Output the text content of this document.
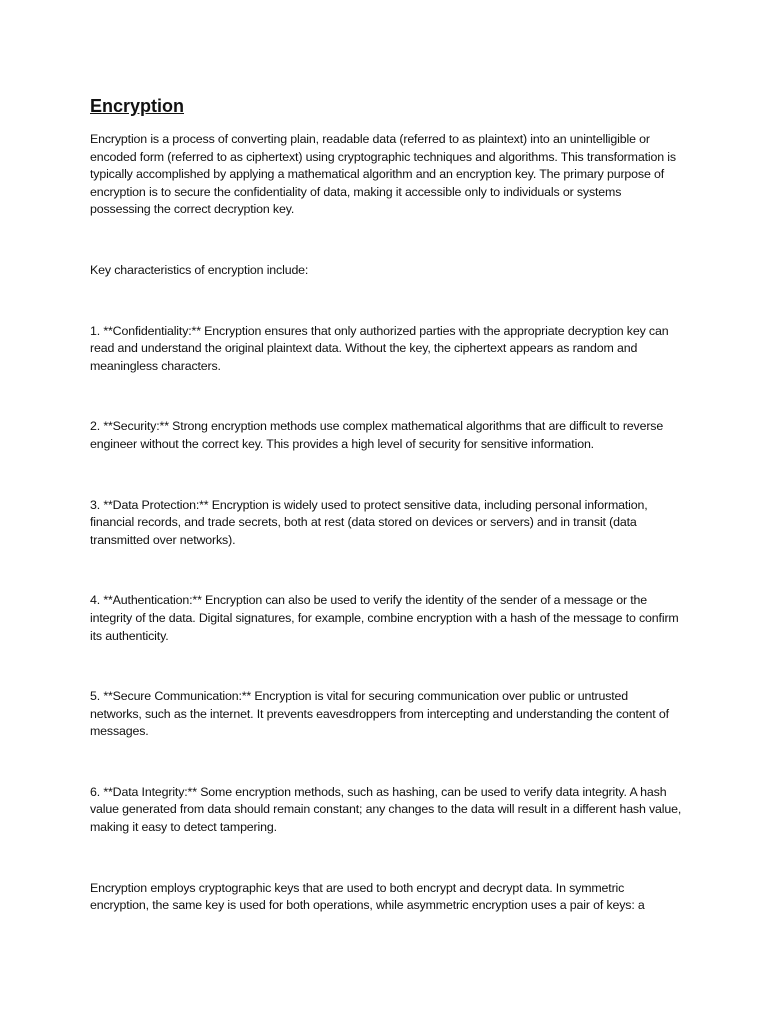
Encryption

Encryption is a process of converting plain, readable data (referred to as plaintext) into an unintelligible or encoded form (referred to as ciphertext) using cryptographic techniques and algorithms. This transformation is typically accomplished by applying a mathematical algorithm and an encryption key. The primary purpose of encryption is to secure the confidentiality of data, making it accessible only to individuals or systems possessing the correct decryption key.

Key characteristics of encryption include:

1. **Confidentiality:** Encryption ensures that only authorized parties with the appropriate decryption key can read and understand the original plaintext data. Without the key, the ciphertext appears as random and meaningless characters.

2. **Security:** Strong encryption methods use complex mathematical algorithms that are difficult to reverse engineer without the correct key. This provides a high level of security for sensitive information.

3. **Data Protection:** Encryption is widely used to protect sensitive data, including personal information, financial records, and trade secrets, both at rest (data stored on devices or servers) and in transit (data transmitted over networks).

4. **Authentication:** Encryption can also be used to verify the identity of the sender of a message or the integrity of the data. Digital signatures, for example, combine encryption with a hash of the message to confirm its authenticity.

5. **Secure Communication:** Encryption is vital for securing communication over public or untrusted networks, such as the internet. It prevents eavesdroppers from intercepting and understanding the content of messages.

6. **Data Integrity:** Some encryption methods, such as hashing, can be used to verify data integrity. A hash value generated from data should remain constant; any changes to the data will result in a different hash value, making it easy to detect tampering.

Encryption employs cryptographic keys that are used to both encrypt and decrypt data. In symmetric encryption, the same key is used for both operations, while asymmetric encryption uses a pair of keys: a
